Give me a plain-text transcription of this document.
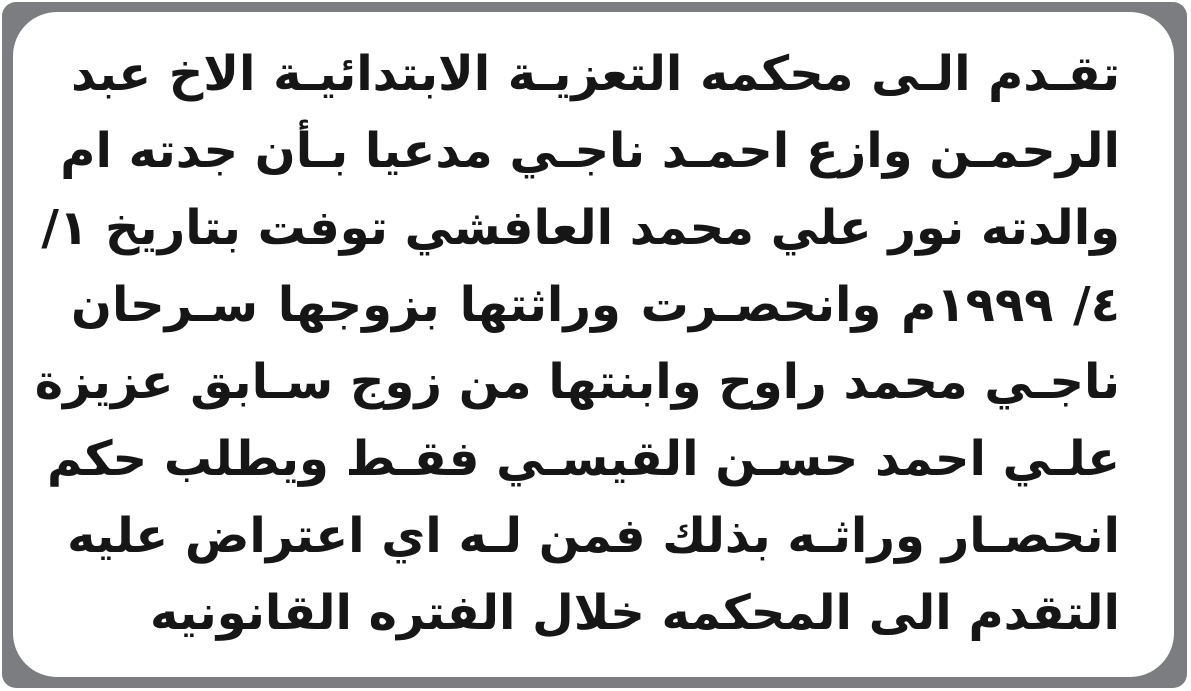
تقـدم الـى محكمه التعزيـة الابتدائيـة الاخ عبد
الرحمـن وازع احمـد ناجـي مدعيا بـأن جدته ام
والدته نور علي محمد العافشي توفت بتاريخ ١/
٤/ ١٩٩٩م وانحصـرت وراثتها بزوجها سـرحان
ناجـي محمد راوح وابنتها من زوج سـابق عزيزة
علـي احمد حسـن القيسـي فقـط ويطلب حكم
انحصـار وراثـه بذلك فمن لـه اي اعتراض عليه
التقدم الى المحكمه خلال الفتره القانونيه
